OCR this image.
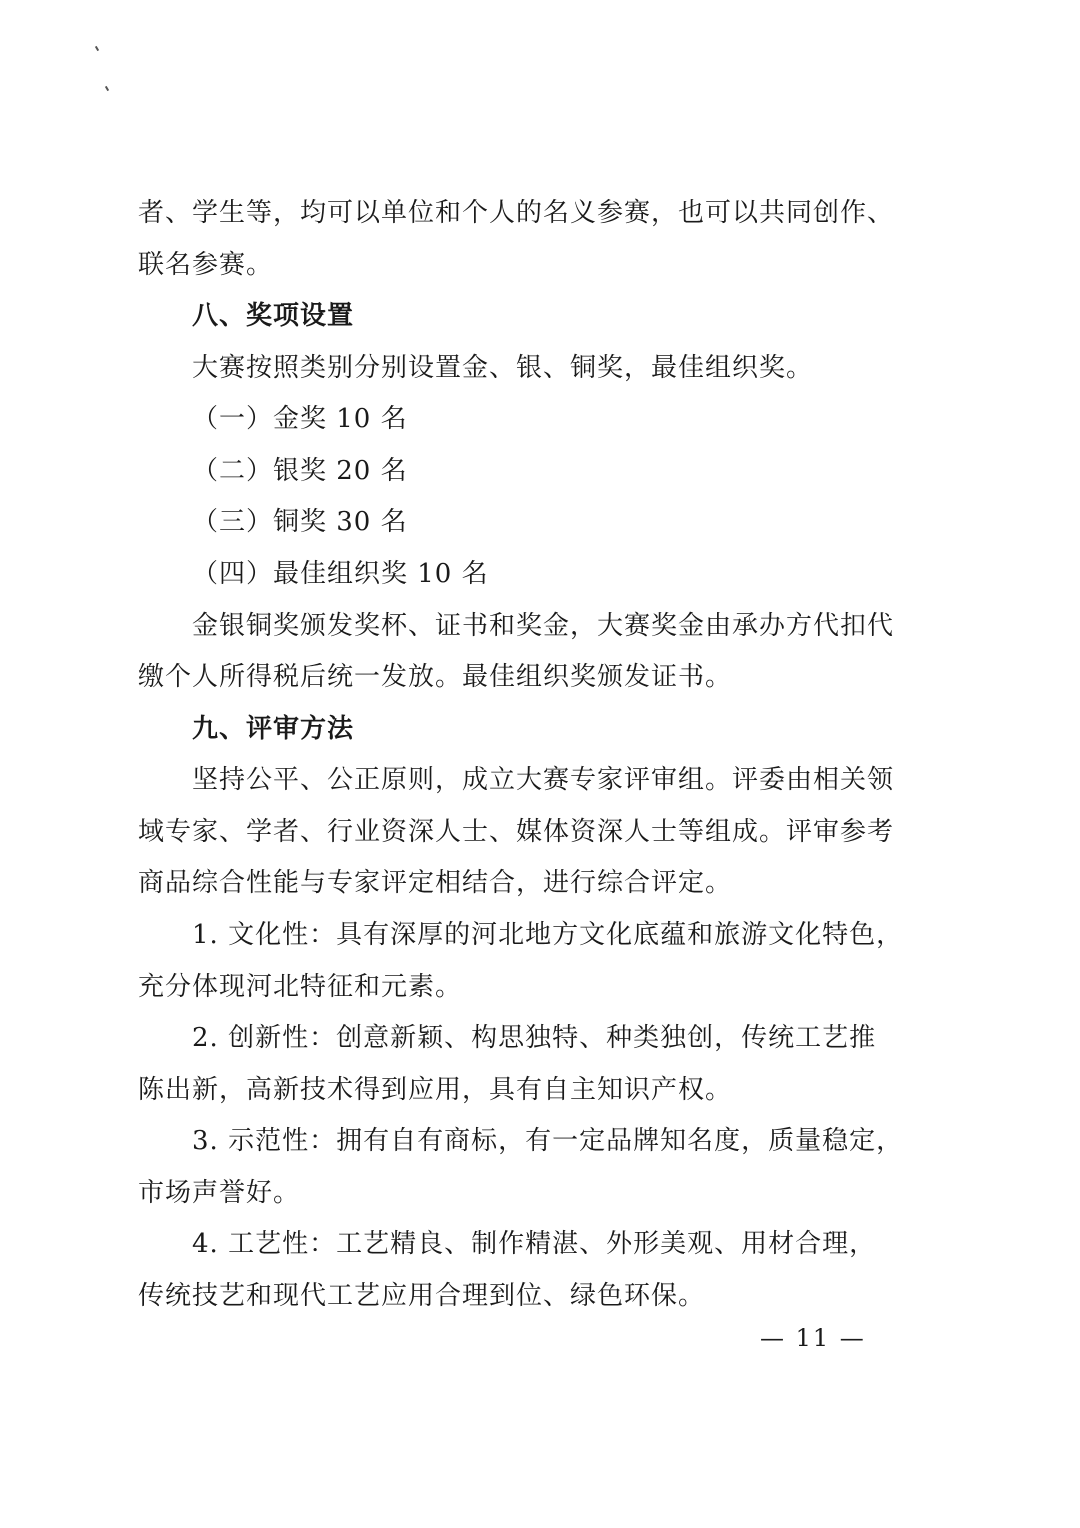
者、学生等，均可以单位和个人的名义参赛，也可以共同创作、
联名参赛。
八、奖项设置
大赛按照类别分别设置金、银、铜奖，最佳组织奖。
（一）金奖 10 名
（二）银奖 20 名
（三）铜奖 30 名
（四）最佳组织奖 10 名
金银铜奖颁发奖杯、证书和奖金，大赛奖金由承办方代扣代
缴个人所得税后统一发放。最佳组织奖颁发证书。
九、评审方法
坚持公平、公正原则，成立大赛专家评审组。评委由相关领
域专家、学者、行业资深人士、媒体资深人士等组成。评审参考
商品综合性能与专家评定相结合，进行综合评定。
1. 文化性：具有深厚的河北地方文化底蕴和旅游文化特色，
充分体现河北特征和元素。
2. 创新性：创意新颖、构思独特、种类独创，传统工艺推
陈出新，高新技术得到应用，具有自主知识产权。
3. 示范性：拥有自有商标，有一定品牌知名度，质量稳定，
市场声誉好。
4. 工艺性：工艺精良、制作精湛、外形美观、用材合理，
传统技艺和现代工艺应用合理到位、绿色环保。
— 11 —
